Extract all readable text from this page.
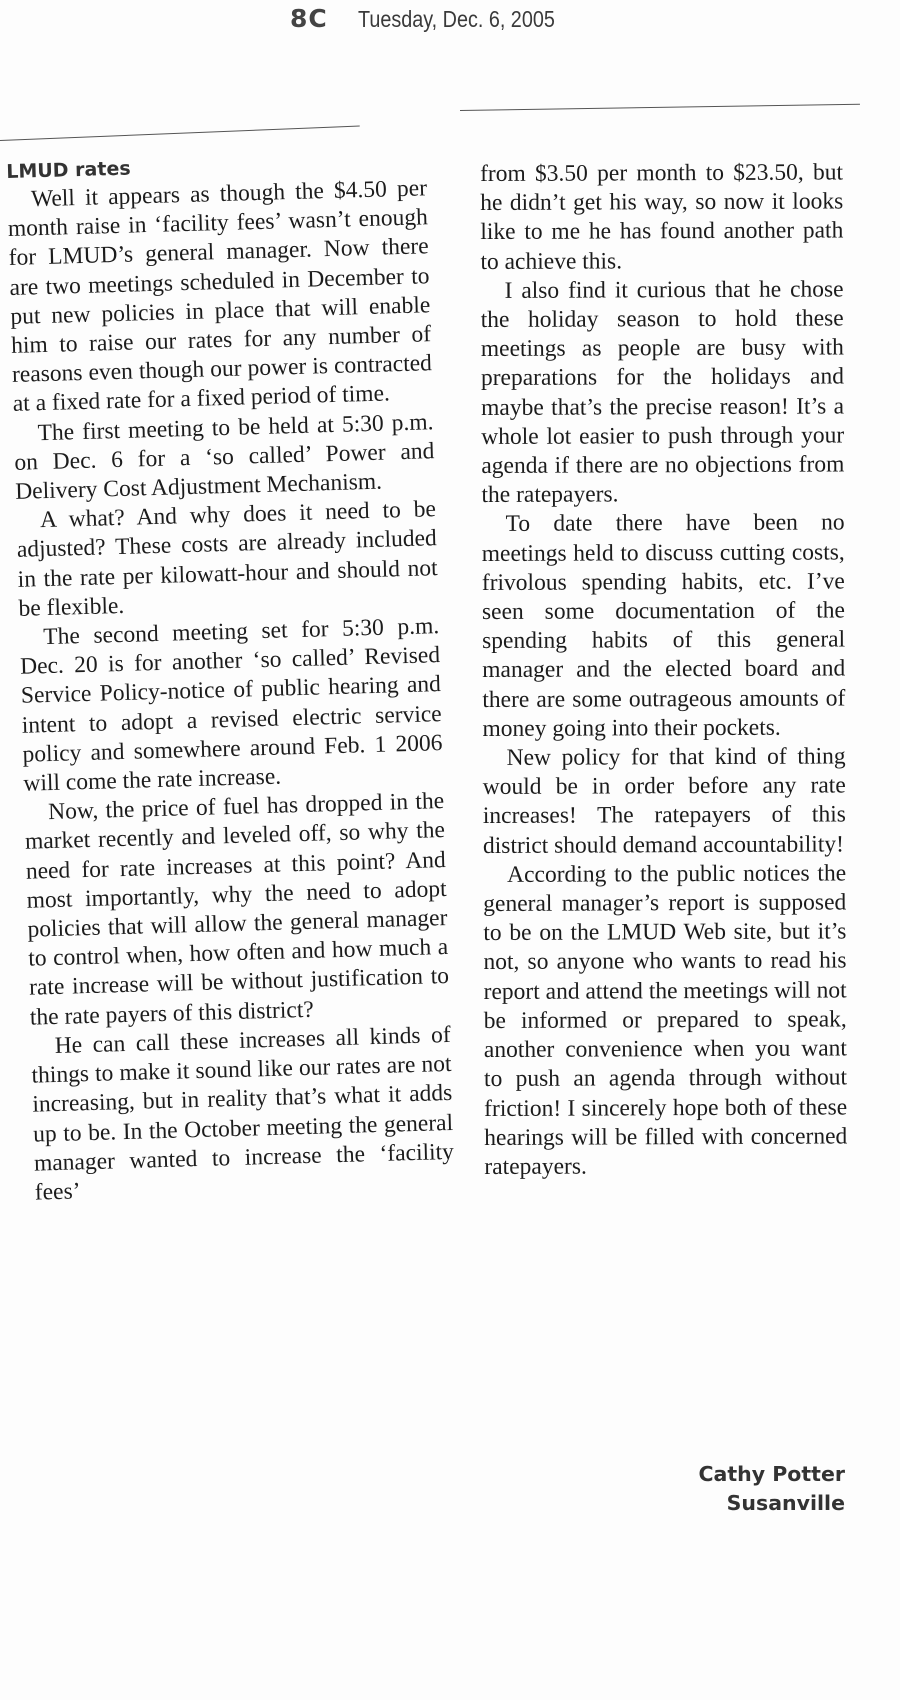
8C Tuesday, Dec. 6, 2005
LMUD rates

Well it appears as though the $4.50 per month raise in ‘facility fees’ wasn’t enough for LMUD’s general manager. Now there are two meetings scheduled in December to put new policies in place that will enable him to raise our rates for any number of reasons even though our power is contracted at a fixed rate for a fixed period of time.

The first meeting to be held at 5:30 p.m. on Dec. 6 for a ‘so called’ Power and Delivery Cost Adjustment Mechanism.

A what? And why does it need to be adjusted? These costs are already included in the rate per kilowatt-hour and should not be flexible.

The second meeting set for 5:30 p.m. Dec. 20 is for another ‘so called’ Revised Service Policy-notice of public hearing and intent to adopt a revised electric service policy and somewhere around Feb. 1 2006 will come the rate increase.

Now, the price of fuel has dropped in the market recently and leveled off, so why the need for rate increases at this point? And most importantly, why the need to adopt policies that will allow the general manager to control when, how often and how much a rate increase will be without justification to the rate payers of this district?

He can call these increases all kinds of things to make it sound like our rates are not increasing, but in reality that’s what it adds up to be. In the October meeting the general manager wanted to increase the ‘facility fees’

from $3.50 per month to $23.50, but he didn’t get his way, so now it looks like to me he has found another path to achieve this.

I also find it curious that he chose the holiday season to hold these meetings as people are busy with preparations for the holidays and maybe that’s the precise reason! It’s a whole lot easier to push through your agenda if there are no objections from the ratepayers.

To date there have been no meetings held to discuss cutting costs, frivolous spending habits, etc. I’ve seen some documentation of the spending habits of this general manager and the elected board and there are some outrageous amounts of money going into their pockets.

New policy for that kind of thing would be in order before any rate increases! The ratepayers of this district should demand accountability!

According to the public notices the general manager’s report is supposed to be on the LMUD Web site, but it’s not, so anyone who wants to read his report and attend the meetings will not be informed or prepared to speak, another convenience when you want to push an agenda through without friction! I sincerely hope both of these hearings will be filled with concerned ratepayers.

Cathy Potter
Susanville
